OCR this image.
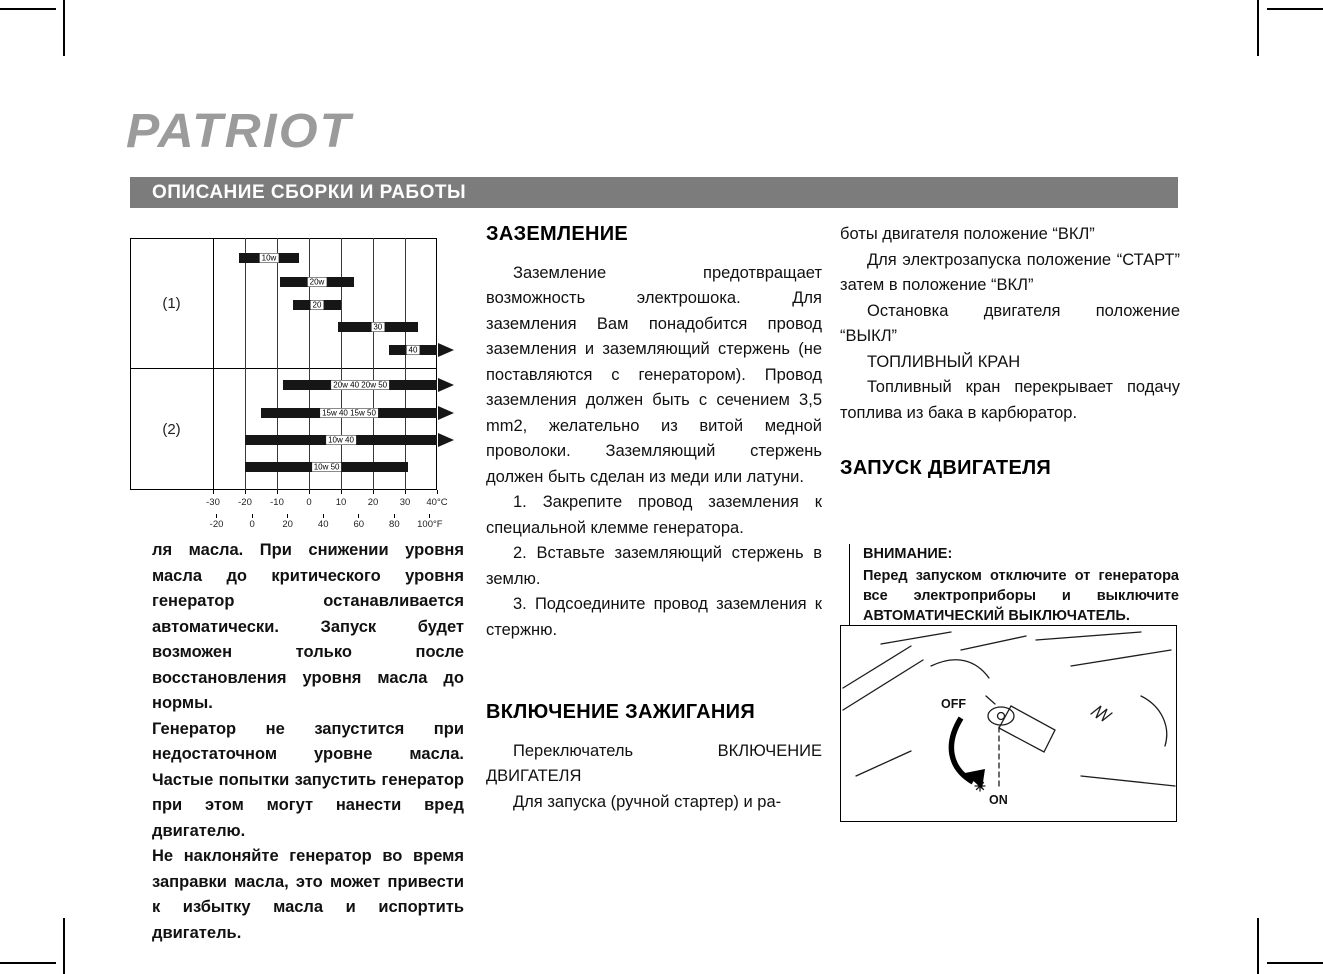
PATRIOT
ОПИСАНИЕ СБОРКИ И РАБОТЫ
(1)
(2)
10w
20w
20
30
40
20w 40 20w 50
15w 40 15w 50
10w 40
10w 50
-30	-20	-10	0	10	20	30	40°C
-20	0	20	40	60	80	100°F

ля масла. При снижении уровня масла до критического уровня генератор останавливается автоматически. Запуск будет возможен только после восстановления уровня масла до нормы.

Генератор не запустится при недостаточном уровне масла. Частые попытки запустить генератор при этом могут нанести вред двигателю.

Не наклоняйте генератор во время заправки масла, это может привести к избытку масла и испортить двигатель.

ЗАЗЕМЛЕНИЕ

Заземление предотвращает возможность электрошока. Для заземления Вам понадобится провод заземления и заземляющий стержень (не поставляются с генератором). Провод заземления должен быть с сечением 3,5 mm2, желательно из витой медной проволоки. Заземляющий стержень должен быть сделан из меди или латуни.

1. Закрепите провод заземления к специальной клемме генератора.

2. Вставьте заземляющий стержень в землю.

3. Подсоедините провод заземления к стержню.

ВКЛЮЧЕНИЕ ЗАЖИГАНИЯ

Переключатель ВКЛЮЧЕНИЕ ДВИГАТЕЛЯ

Для запуска (ручной стартер) и ра-

боты двигателя положение “ВКЛ”

Для электрозапуска положение “СТАРТ” затем в положение “ВКЛ”

Остановка двигателя положение “ВЫКЛ”

ТОПЛИВНЫЙ КРАН

Топливный кран перекрывает подачу топлива из бака в карбюратор.

ЗАПУСК ДВИГАТЕЛЯ

ВНИМАНИЕ:

Перед запуском отключите от генератора все электроприборы и выключите АВТОМАТИЧЕСКИЙ ВЫКЛЮЧАТЕЛЬ.

OFF
ON
